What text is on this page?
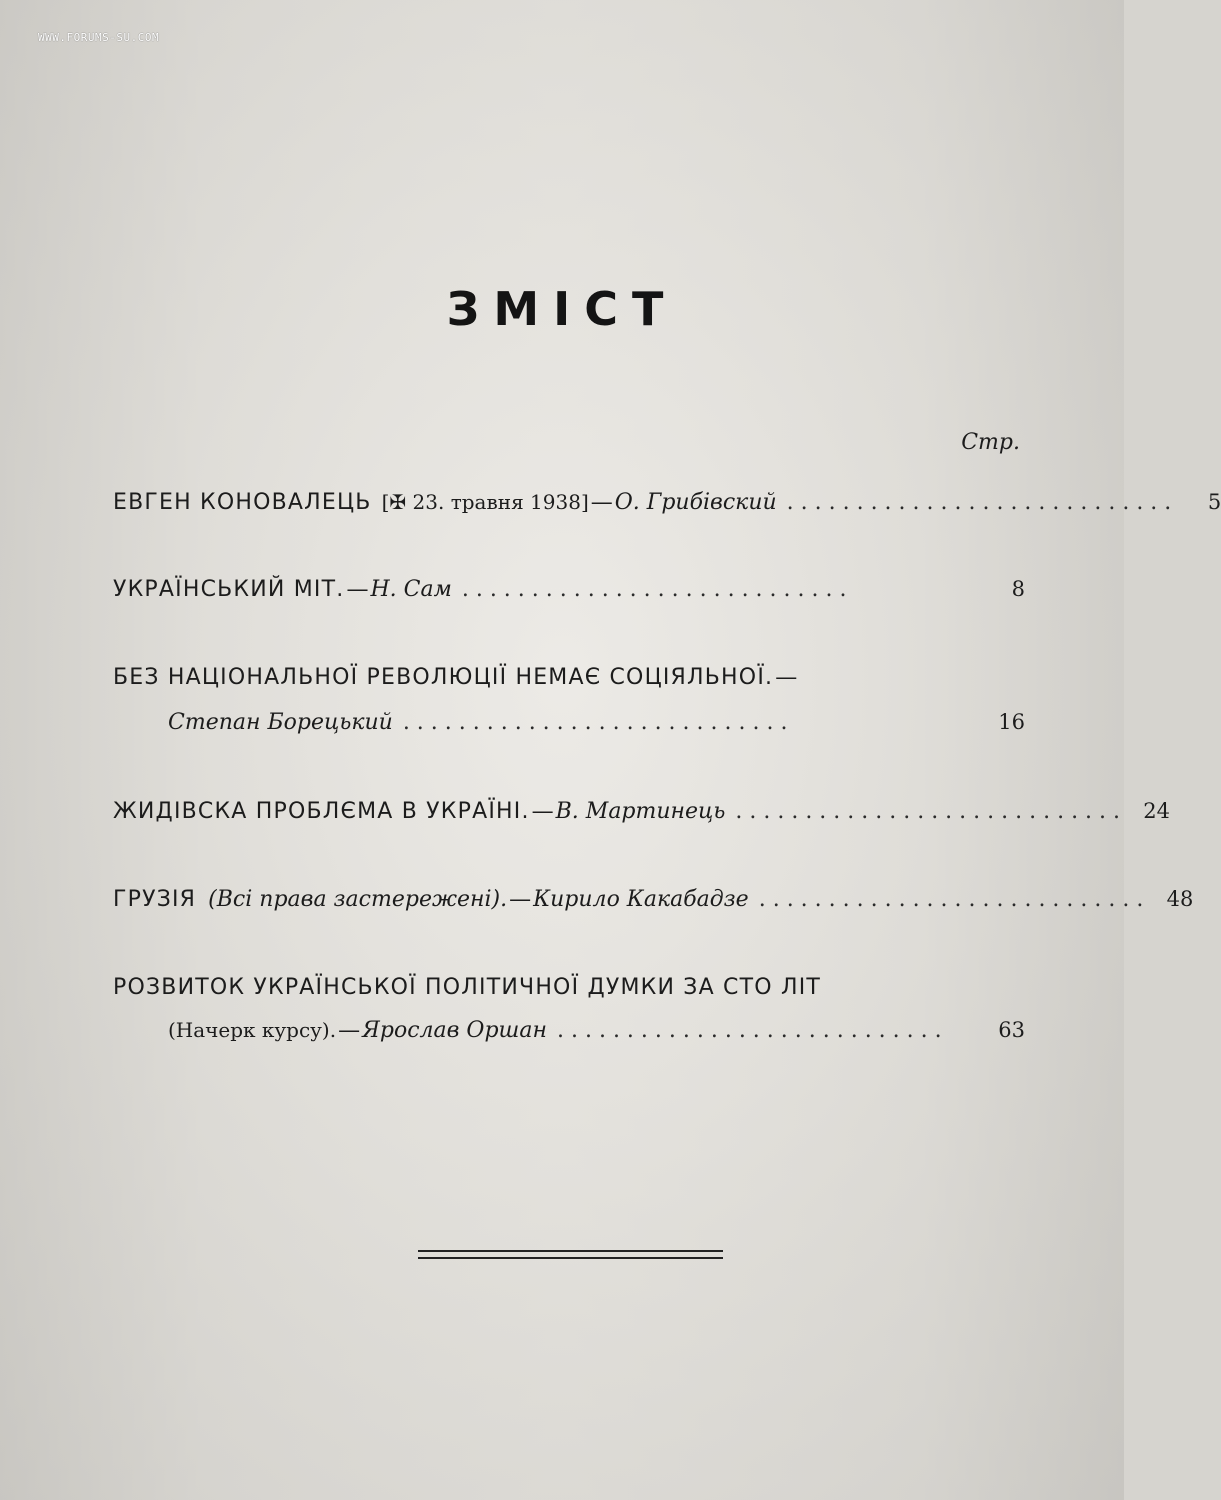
WWW.FORUMS-SU.COM
ЗМІСТ
Стр.
ЕВГЕН КОНОВАЛЕЦЬ [✠ 23. травня 1938] — О. Грибівский . . . . . . . . . . . . . . . . . . . . . . . . . . . .	5
УКРАЇНСЬКИЙ МІТ. — Н. Сам . . . . . . . . . . . . . . . . . . . . . . . . . . . .	8
БЕЗ НАЦІОНАЛЬНОЇ РЕВОЛЮЦІЇ НЕМАЄ СОЦІЯЛЬНОЇ. —
Степан Борецький . . . . . . . . . . . . . . . . . . . . . . . . . . . .	16
ЖИДІВСКА ПРОБЛЄМА В УКРАЇНІ. — В. Мартинець . . . . . . . . . . . . . . . . . . . . . . . . . . . .	24
ГРУЗІЯ (Всі права застережені). — Кирило Какабадзе . . . . . . . . . . . . . . . . . . . . . . . . . . . .	48
РОЗВИТОК УКРАЇНСЬКОЇ ПОЛІТИЧНОЇ ДУМКИ ЗА СТО ЛІТ
(Начерк курсу). — Ярослав Оршан . . . . . . . . . . . . . . . . . . . . . . . . . . . .	63
